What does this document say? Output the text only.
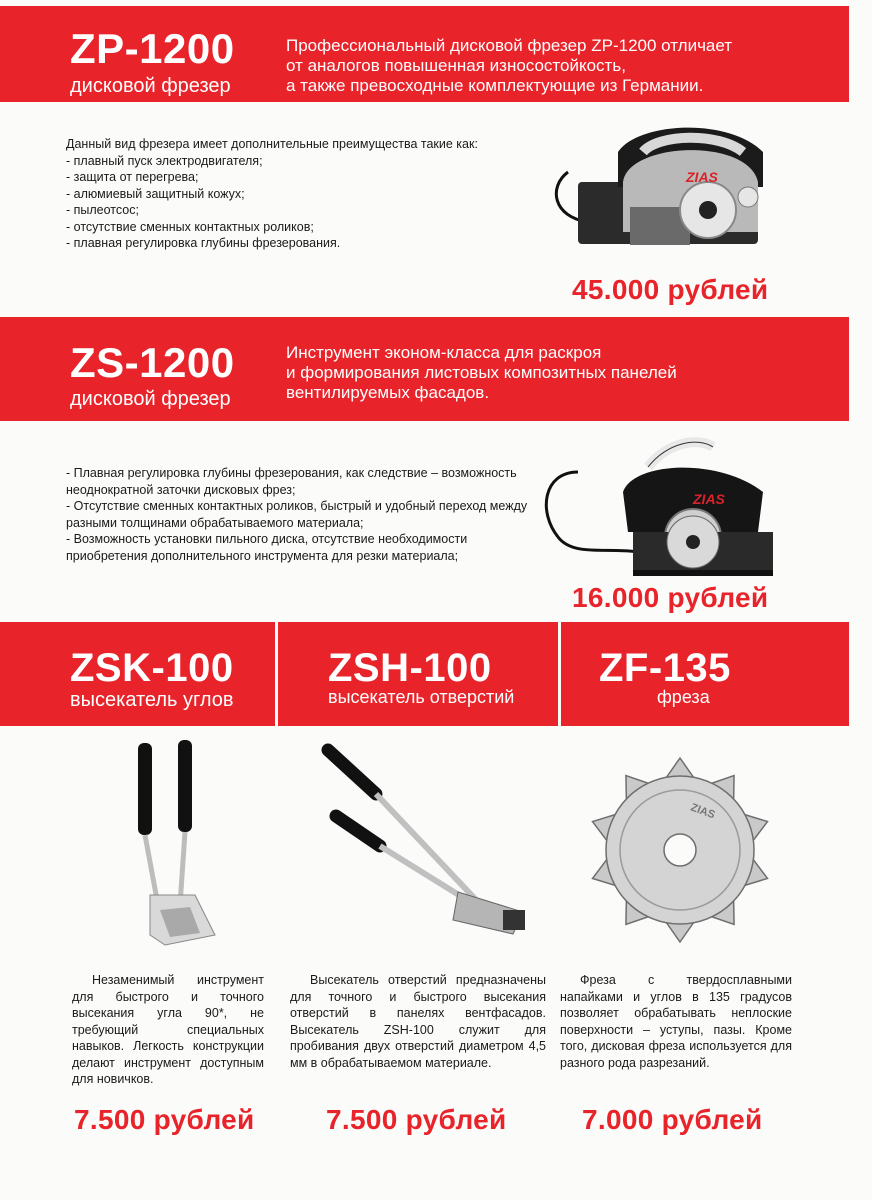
ZP-1200
дисковой фрезер
Профессиональный дисковой фрезер ZP-1200 отличает
от аналогов повышенная износостойкость,
а также превосходные комплектующие из Германии.

Данный вид фрезера имеет дополнительные преимущества такие как:

- плавный пуск электродвигателя;

- защита от перегрева;

- алюмиевый защитный кожух;

- пылеотсос;

- отсутствие сменных контактных роликов;

- плавная регулировка глубины фрезерования.

ZIAS
45.000 рублей
ZS-1200
дисковой фрезер
Инструмент эконом-класса для раскроя
и формирования листовых композитных панелей
вентилируемых фасадов.

- Плавная регулировка глубины фрезерования, как следствие – возможность

неоднократной заточки дисковых фрез;

- Отсутствие сменных контактных роликов, быстрый и удобный переход между

разными толщинами обрабатываемого материала;

- Возможность установки пильного диска, отсутствие необходимости

приобретения дополнительного инструмента для резки материала;

ZIAS
16.000 рублей
ZSK-100
высекатель углов
ZSH-100
высекатель отверстий
ZF-135
фреза
ZIAS
Незаменимый инструмент для быстрого и точного высекания угла 90*, не требующий специальных навыков. Легкость конструкции делают инструмент доступным для новичков.
Высекатель отверстий предназначены для точного и быстрого высекания отверстий в панелях вентфасадов. Высекатель ZSH-100 служит для пробивания двух отверстий диаметром 4,5 мм в обрабатываемом материале.
Фреза с твердосплавными напайками и углов в 135 градусов позволяет обрабатывать неплоские поверхности – уступы, пазы. Кроме того, дисковая фреза используется для разного рода разрезаний.
7.500 рублей	7.500 рублей	7.000 рублей
